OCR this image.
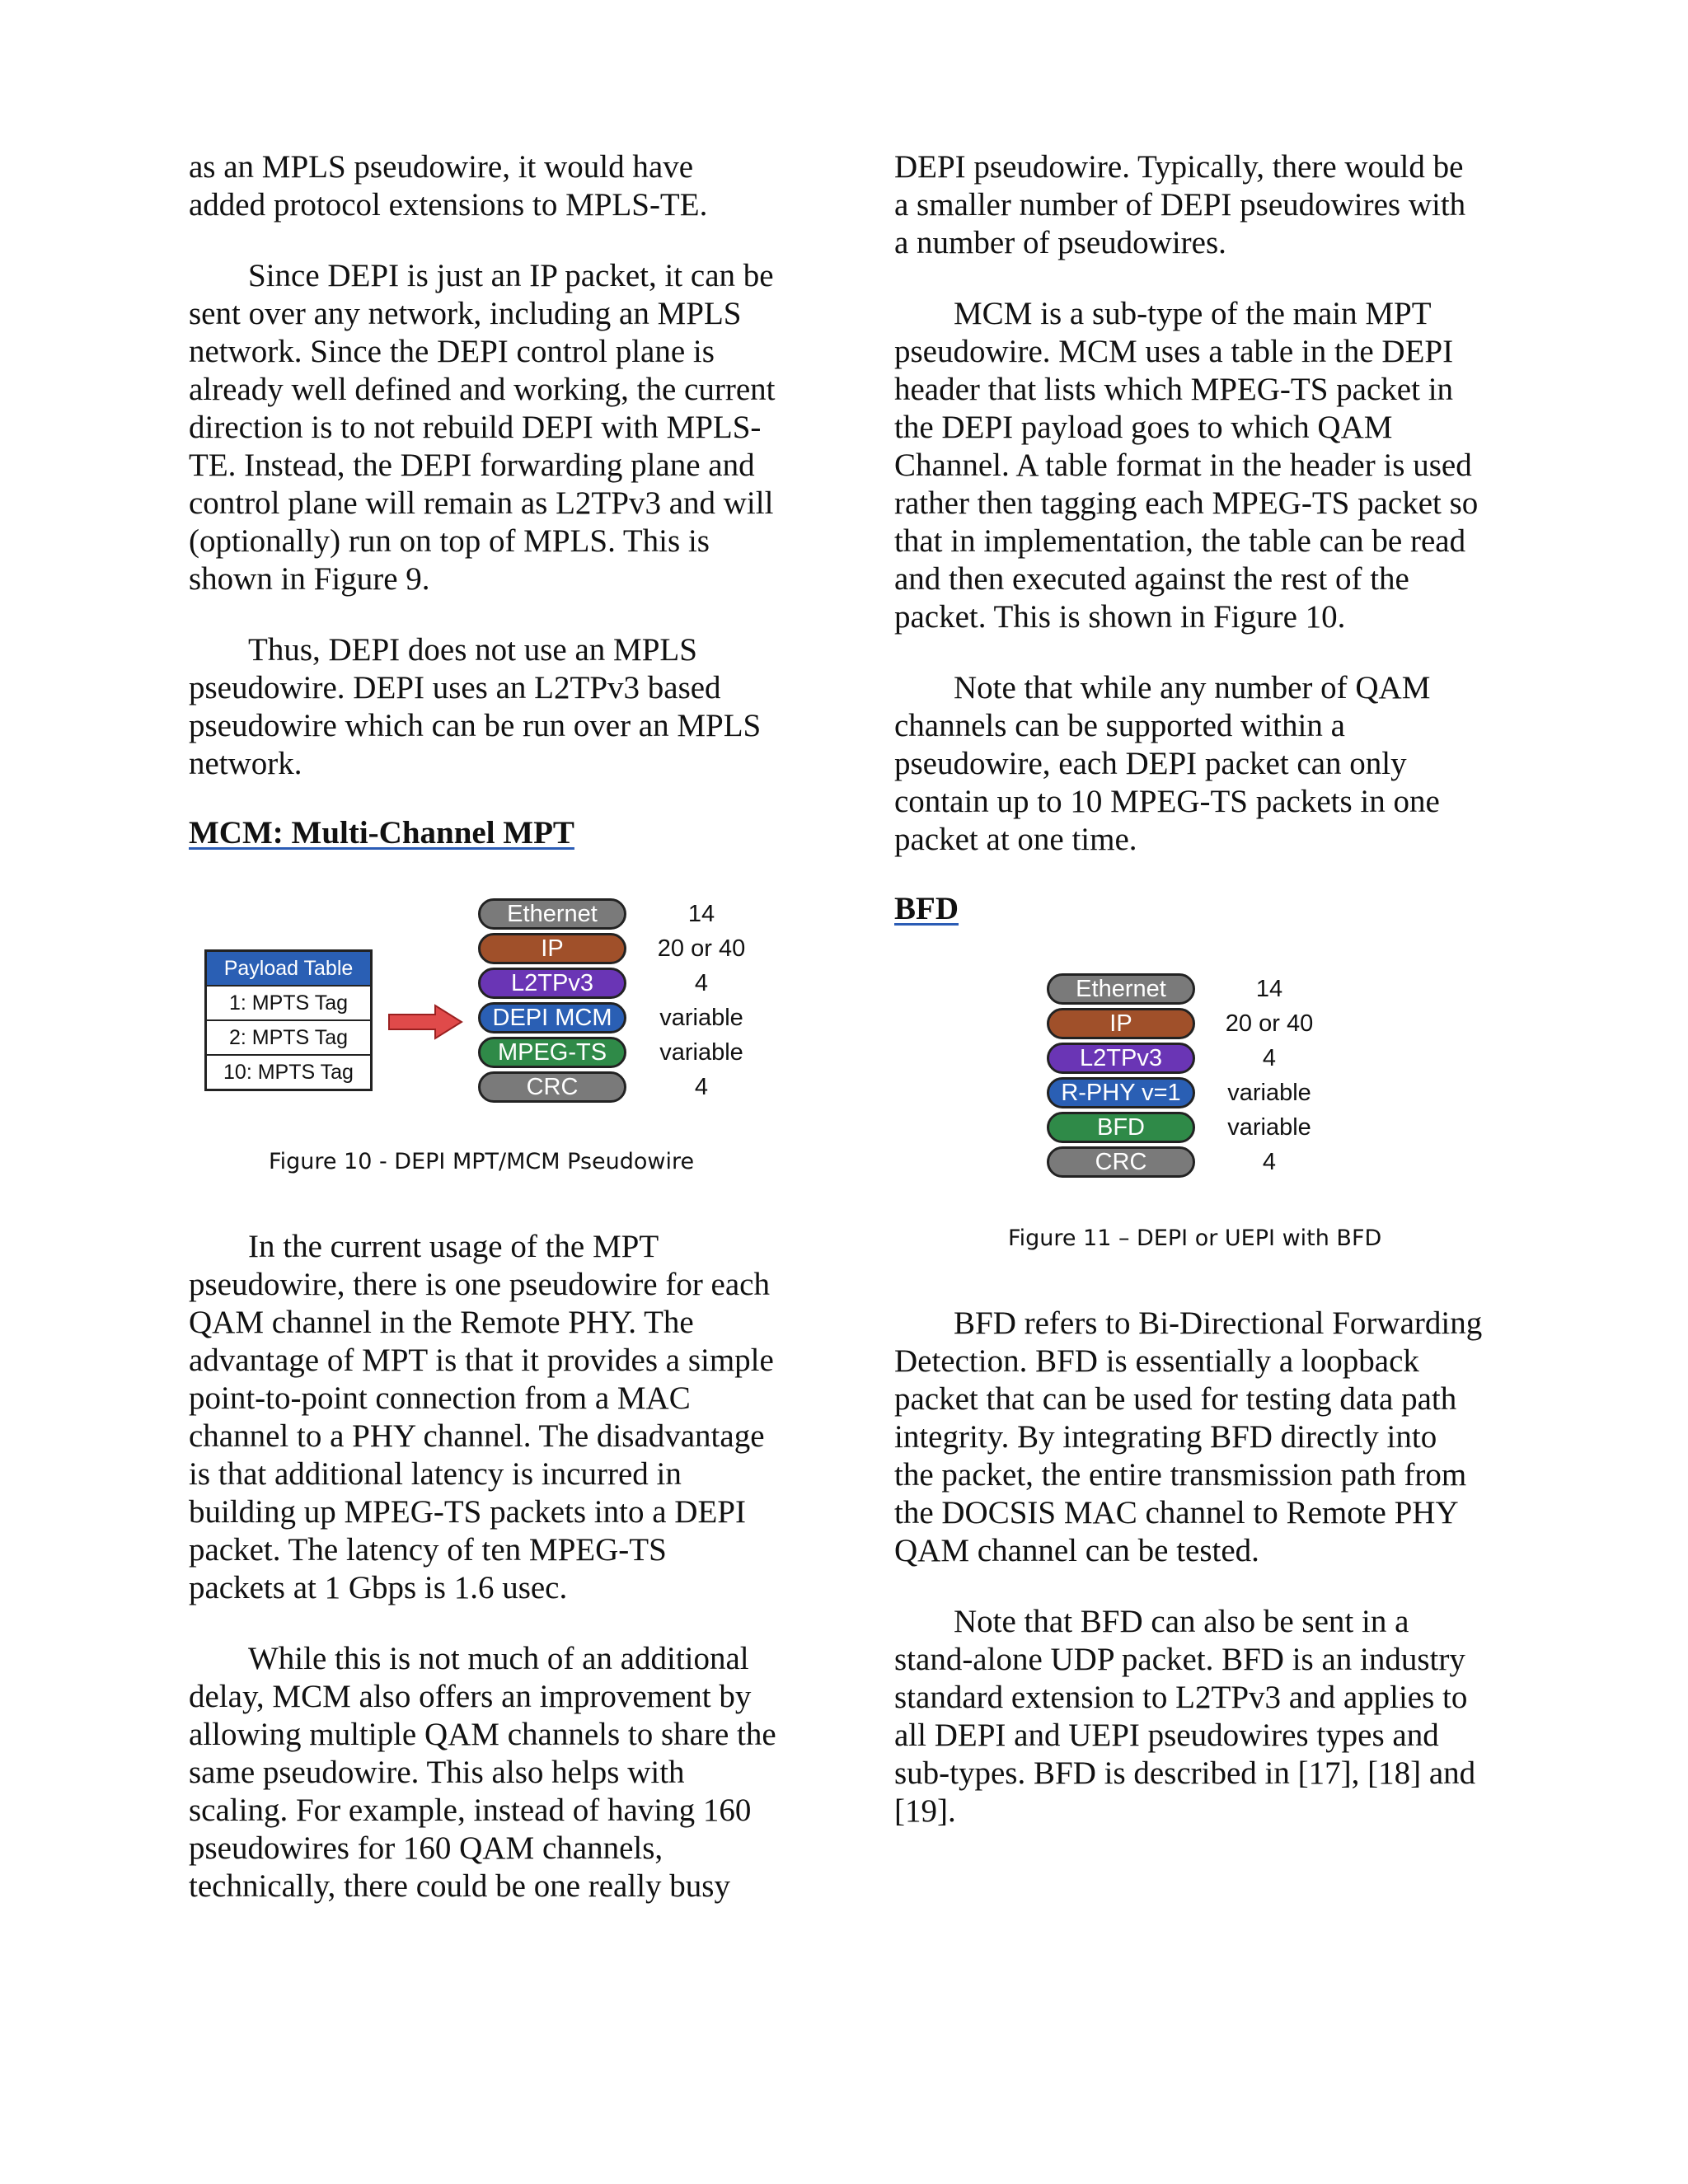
as an MPLS pseudowire, it would have
added protocol extensions to MPLS-TE.

Since DEPI is just an IP packet, it can be
sent over any network, including an MPLS
network. Since the DEPI control plane is
already well defined and working, the current
direction is to not rebuild DEPI with MPLS-
TE. Instead, the DEPI forwarding plane and
control plane will remain as L2TPv3 and will
(optionally) run on top of MPLS. This is
shown in Figure 9.

Thus, DEPI does not use an MPLS
pseudowire. DEPI uses an L2TPv3 based
pseudowire which can be run over an MPLS
network.

MCM: Multi-Channel MPT

In the current usage of the MPT
pseudowire, there is one pseudowire for each
QAM channel in the Remote PHY. The
advantage of MPT is that it provides a simple
point-to-point connection from a MAC
channel to a PHY channel. The disadvantage
is that additional latency is incurred in
building up MPEG-TS packets into a DEPI
packet. The latency of ten MPEG-TS
packets at 1 Gbps is 1.6 usec.

While this is not much of an additional
delay, MCM also offers an improvement by
allowing multiple QAM channels to share the
same pseudowire. This also helps with
scaling. For example, instead of having 160
pseudowires for 160 QAM channels,
technically, there could be one really busy

DEPI pseudowire. Typically, there would be
a smaller number of DEPI pseudowires with
a number of pseudowires.

MCM is a sub-type of the main MPT
pseudowire. MCM uses a table in the DEPI
header that lists which MPEG-TS packet in
the DEPI payload goes to which QAM
Channel. A table format in the header is used
rather then tagging each MPEG-TS packet so
that in implementation, the table can be read
and then executed against the rest of the
packet. This is shown in Figure 10.

Note that while any number of QAM
channels can be supported within a
pseudowire, each DEPI packet can only
contain up to 10 MPEG-TS packets in one
packet at one time.

BFD

BFD refers to Bi-Directional Forwarding
Detection. BFD is essentially a loopback
packet that can be used for testing data path
integrity. By integrating BFD directly into
the packet, the entire transmission path from
the DOCSIS MAC channel to Remote PHY
QAM channel can be tested.

Note that BFD can also be sent in a
stand-alone UDP packet. BFD is an industry
standard extension to L2TPv3 and applies to
all DEPI and UEPI pseudowires types and
sub-types. BFD is described in [17], [18] and
[19].

Payload Table
1: MPTS Tag
2: MPTS Tag
10: MPTS Tag
Ethernet
IP
L2TPv3
DEPI MCM
MPEG-TS
CRC
14
20 or 40
4
variable
variable
4
Figure 10 - DEPI MPT/MCM Pseudowire
Ethernet
IP
L2TPv3
R-PHY v=1
BFD
CRC
14
20 or 40
4
variable
variable
4
Figure 11 – DEPI or UEPI with BFD
